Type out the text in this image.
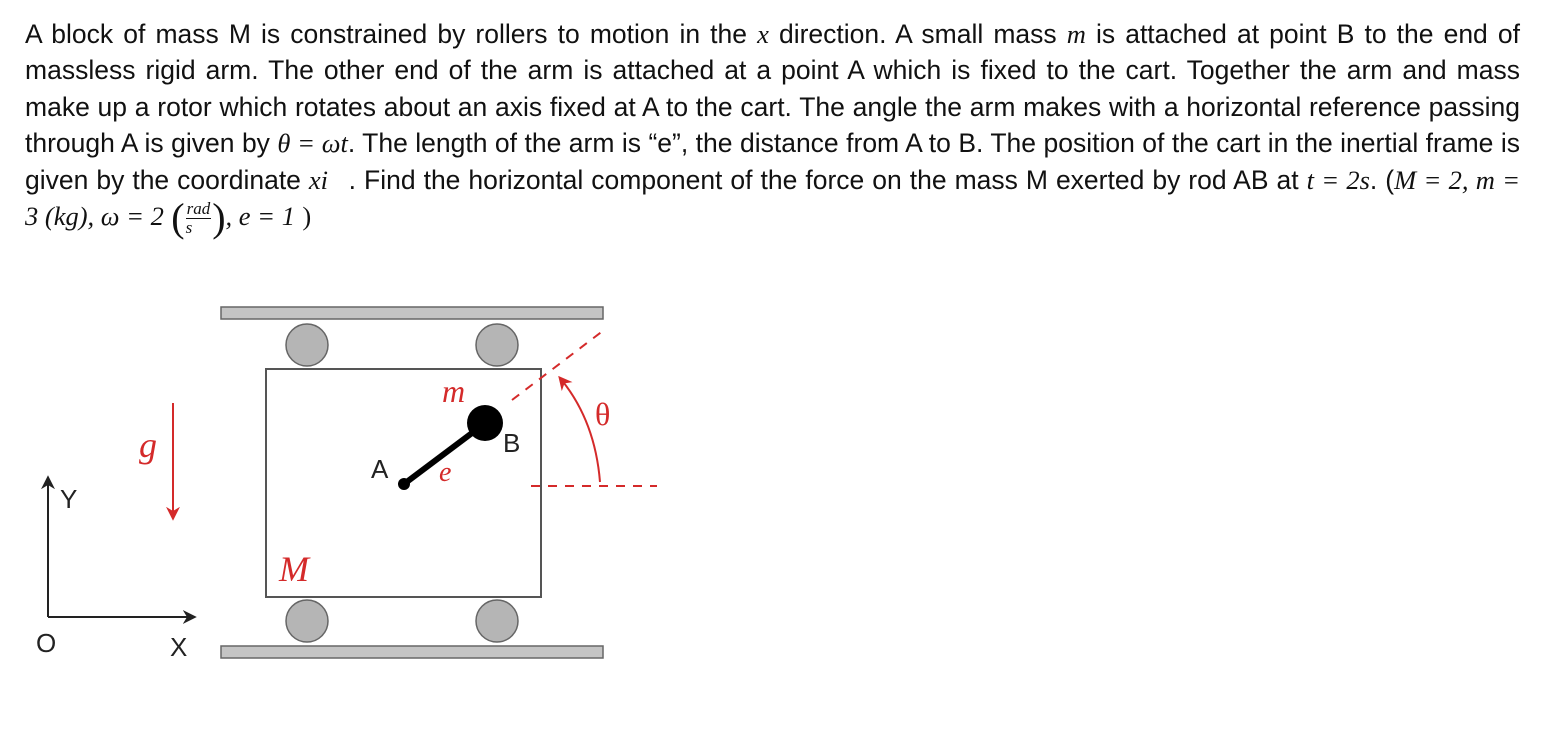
A block of mass M is constrained by rollers to motion in the x direction. A small mass m is attached at point B to the end of massless rigid arm. The other end of the arm is attached at a point A which is fixed to the cart. Together the arm and mass make up a rotor which rotates about an axis fixed at A to the cart. The angle the arm makes with a horizontal reference passing through A is given by θ = ωt. The length of the arm is “e”, the distance from A to B. The position of the cart in the inertial frame is given by the coordinate xi⃗. Find the horizontal component of the force on the mass M exerted by rod AB at t = 2s. (M = 2, m = 3 (kg), ω = 2 ( $\frac{\text{rad}}{s}$ ), e = 1 )

g
Y
X
O
M
m
A
B
e
θ
